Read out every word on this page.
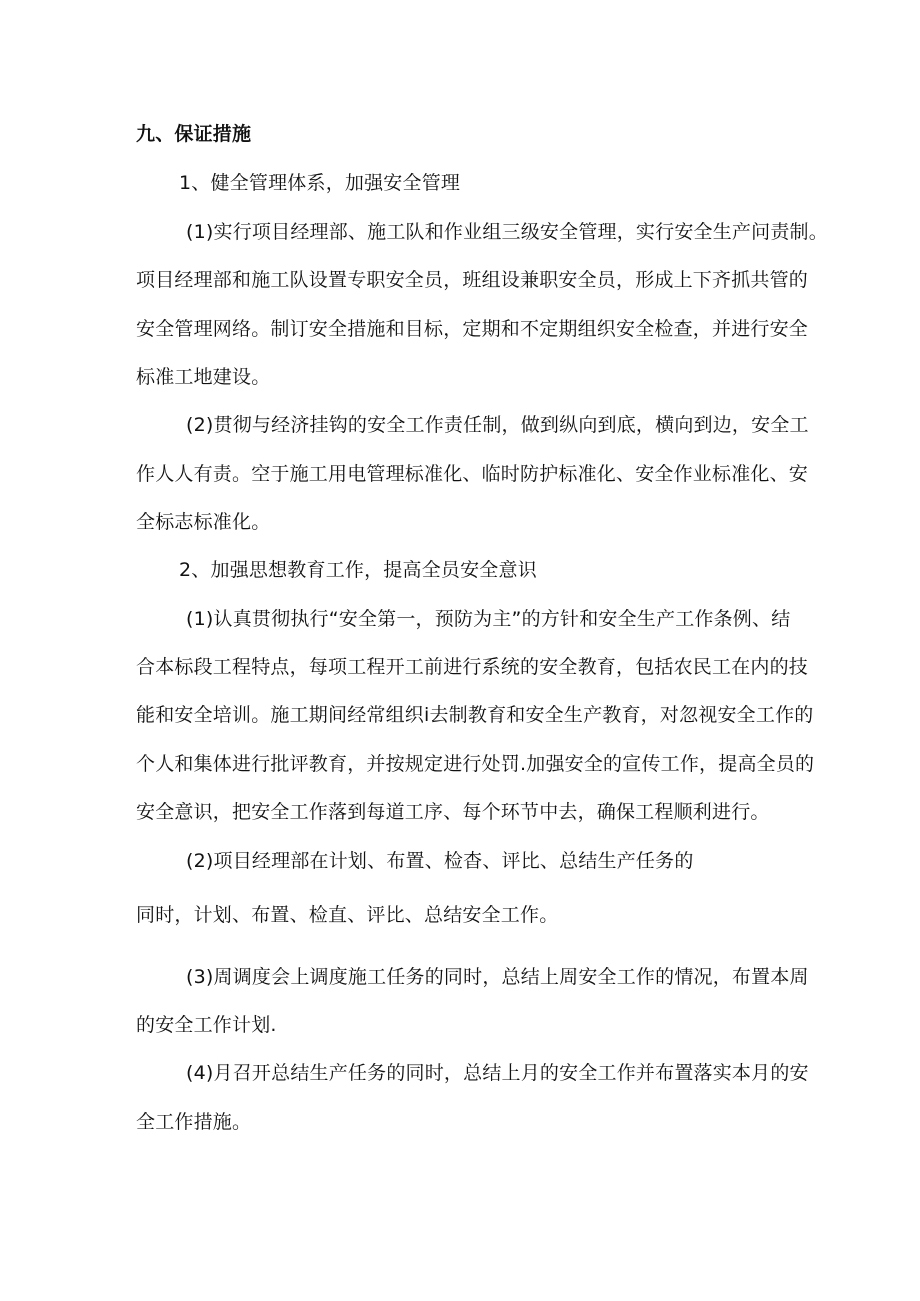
九、保证措施
1、健全管理体系，加强安全管理
(1)实行项目经理部、施工队和作业组三级安全管理，实行安全生产问责制。
项目经理部和施工队设置专职安全员，班组设兼职安全员，形成上下齐抓共管的
安全管理网络。制订安全措施和目标，定期和不定期组织安全检查，并进行安全
标准工地建设。
(2)贯彻与经济挂钩的安全工作责任制，做到纵向到底，横向到边，安全工
作人人有责。空于施工用电管理标准化、临时防护标准化、安全作业标准化、安
全标志标准化。
2、加强思想教育工作，提高全员安全意识
(1)认真贯彻执行“安全第一，预防为主”的方针和安全生产工作条例、结
合本标段工程特点，每项工程开工前进行系统的安全教育，包括农民工在内的技
能和安全培训。施工期间经常组织i去制教育和安全生产教育，对忽视安全工作的
个人和集体进行批评教育，并按规定进行处罚.加强安全的宣传工作，提高全员的
安全意识，把安全工作落到每道工序、每个环节中去，确保工程顺利进行。
(2)项目经理部在计划、布置、检杳、评比、总结生产任务的
同时，计划、布置、检直、评比、总结安全工作。
(3)周调度会上调度施工任务的同时，总结上周安全工作的情况，布置本周
的安全工作计划.
(4)月召开总结生产任务的同时，总结上月的安全工作并布置落实本月的安
全工作措施。
